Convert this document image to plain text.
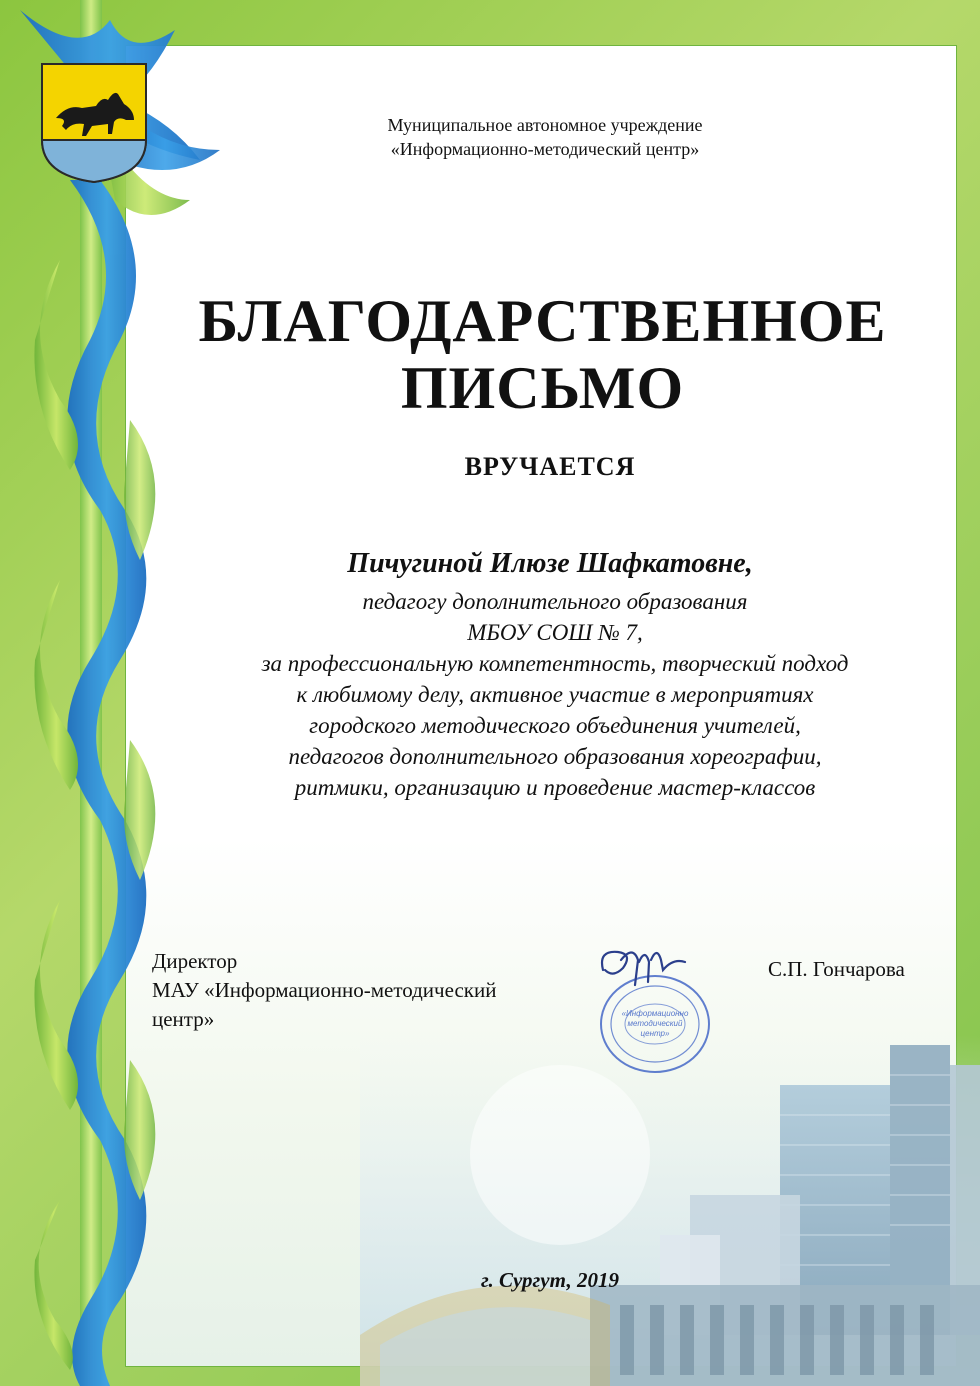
Муниципальное автономное учреждение
«Информационно-методический центр»
БЛАГОДАРСТВЕННОЕ
ПИСЬМО
ВРУЧАЕТСЯ
Пичугиной Илюзе Шафкатовне,
педагогу дополнительного образования
МБОУ СОШ № 7,
за профессиональную компетентность, творческий подход
к любимому делу, активное участие в мероприятиях
городского методического объединения учителей,
педагогов дополнительного образования хореографии,
ритмики, организацию и проведение мастер-классов
Директор
МАУ «Информационно-методический
центр»	«Информационно
методический
центр»
С.П. Гончарова
г. Сургут, 2019
